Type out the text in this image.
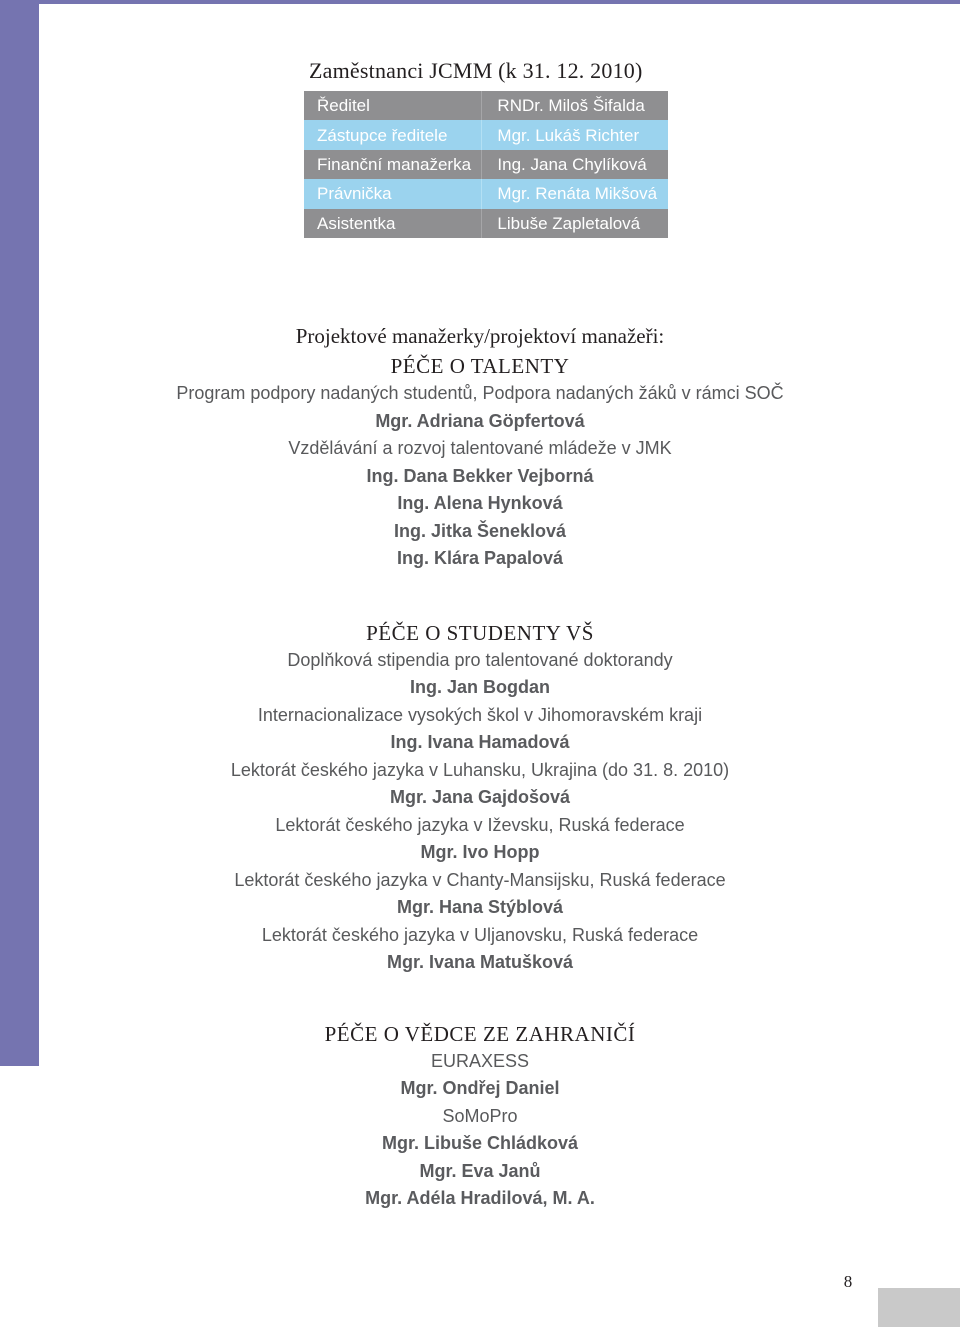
Zaměstnanci JCMM (k 31. 12. 2010)
Ředitel	RNDr. Miloš Šifalda
Zástupce ředitele	Mgr. Lukáš Richter
Finanční manažerka	Ing. Jana Chylíková
Právnička	Mgr. Renáta Mikšová
Asistentka	Libuše Zapletalová
Projektové manažerky/projektoví manažeři:
PÉČE O TALENTY
Program podpory nadaných studentů, Podpora nadaných žáků v rámci SOČ
Mgr. Adriana Göpfertová
Vzdělávání a rozvoj talentované mládeže v JMK
Ing. Dana Bekker Vejborná
Ing. Alena Hynková
Ing. Jitka Šeneklová
Ing. Klára Papalová
PÉČE O STUDENTY VŠ
Doplňková stipendia pro talentované doktorandy
Ing. Jan Bogdan
Internacionalizace vysokých škol v Jihomoravském kraji
Ing. Ivana Hamadová
Lektorát českého jazyka v Luhansku, Ukrajina (do 31. 8. 2010)
Mgr. Jana Gajdošová
Lektorát českého jazyka v Iževsku, Ruská federace
Mgr. Ivo Hopp
Lektorát českého jazyka v Chanty-Mansijsku, Ruská federace
Mgr. Hana Stýblová
Lektorát českého jazyka v Uljanovsku, Ruská federace
Mgr. Ivana Matušková
PÉČE O VĚDCE ZE ZAHRANIČÍ
EURAXESS
Mgr. Ondřej Daniel
SoMoPro
Mgr. Libuše Chládková
Mgr. Eva Janů
Mgr. Adéla Hradilová, M. A.
8
